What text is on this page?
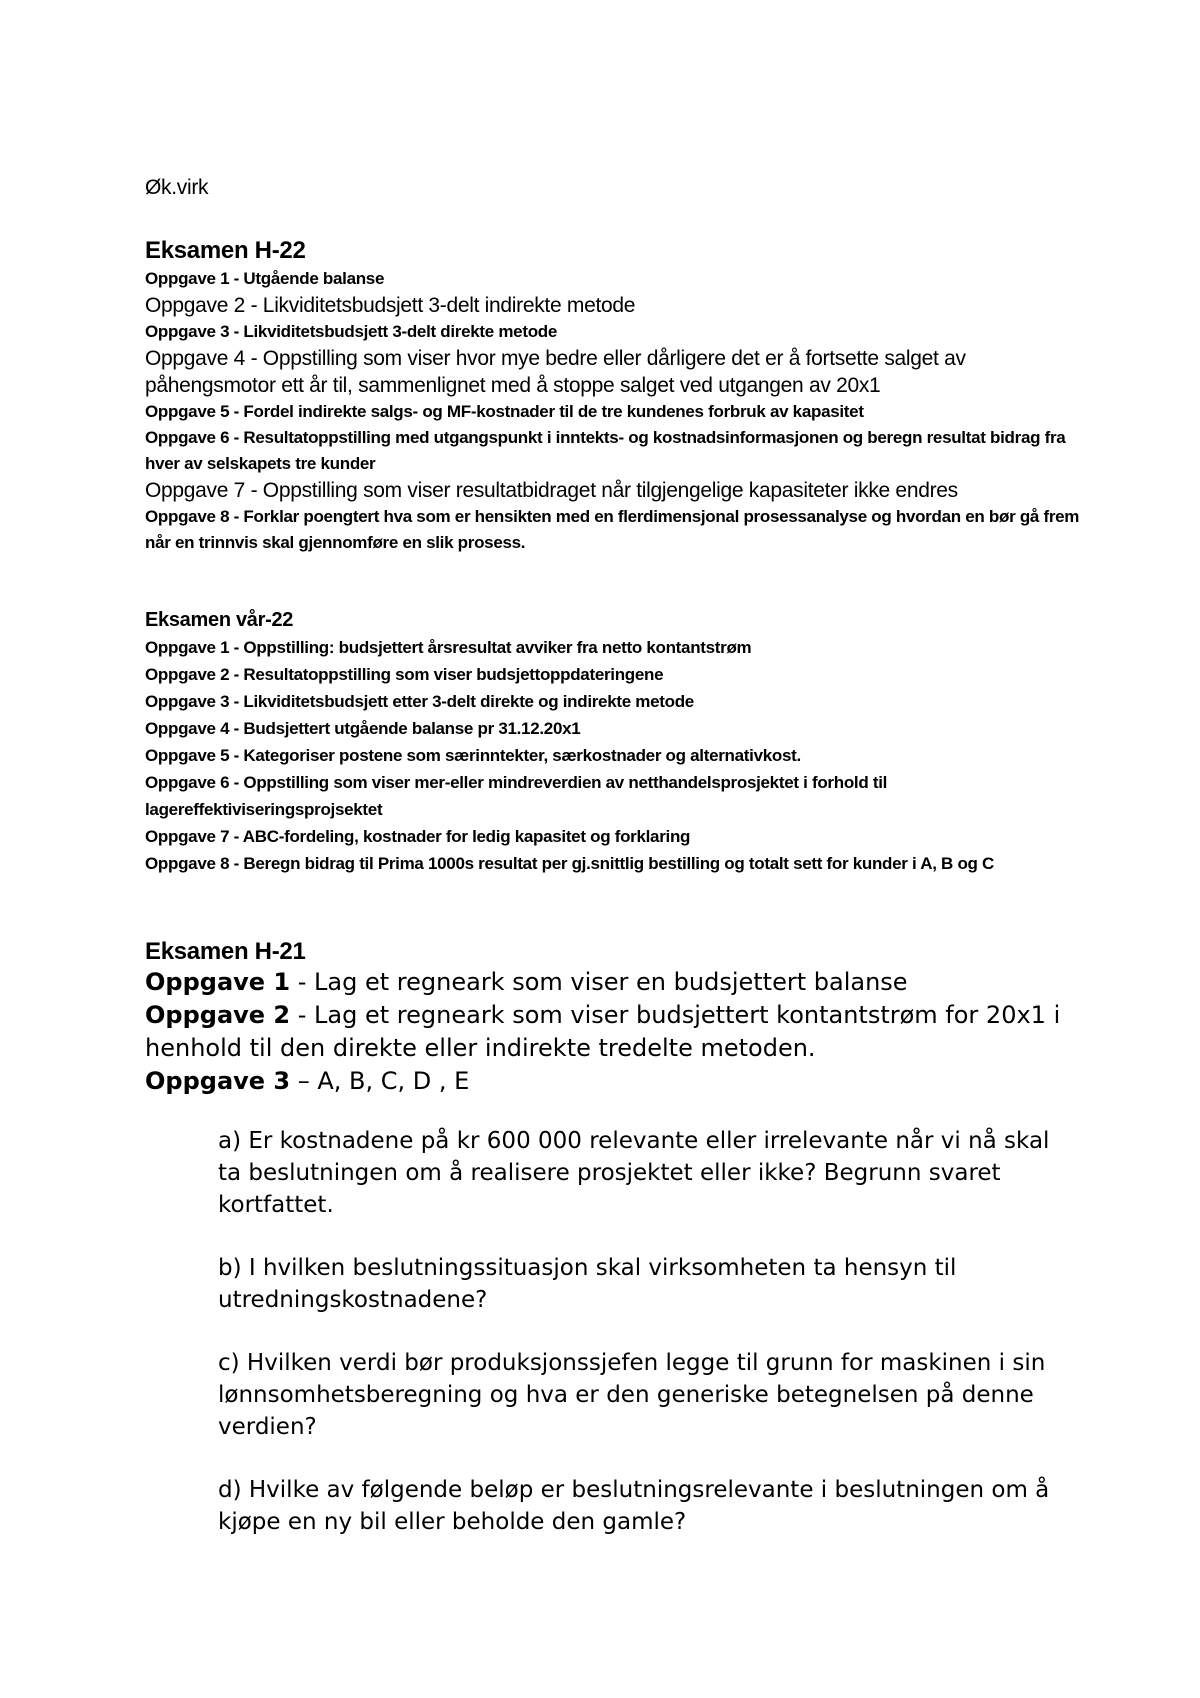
Øk.virk

Eksamen H-22

Oppgave 1 - Utgående balanse

Oppgave 2 - Likviditetsbudsjett 3-delt indirekte metode

Oppgave 3 - Likviditetsbudsjett 3-delt direkte metode

Oppgave 4 - Oppstilling som viser hvor mye bedre eller dårligere det er å fortsette salget av påhengsmotor ett år til, sammenlignet med å stoppe salget ved utgangen av 20x1

Oppgave 5 - Fordel indirekte salgs- og MF-kostnader til de tre kundenes forbruk av kapasitet

Oppgave 6 - Resultatoppstilling med utgangspunkt i inntekts- og kostnadsinformasjonen og beregn resultat bidrag fra hver av selskapets tre kunder

Oppgave 7 - Oppstilling som viser resultatbidraget når tilgjengelige kapasiteter ikke endres

Oppgave 8 - Forklar poengtert hva som er hensikten med en flerdimensjonal prosessanalyse og hvordan en bør gå frem når en trinnvis skal gjennomføre en slik prosess.

Eksamen vår-22

Oppgave 1 - Oppstilling: budsjettert årsresultat avviker fra netto kontantstrøm

Oppgave 2 - Resultatoppstilling som viser budsjettoppdateringene

Oppgave 3 - Likviditetsbudsjett etter 3-delt direkte og indirekte metode

Oppgave 4 - Budsjettert utgående balanse pr 31.12.20x1

Oppgave 5 - Kategoriser postene som særinntekter, særkostnader og alternativkost.

Oppgave 6 - Oppstilling som viser mer-eller mindreverdien av netthandelsprosjektet i forhold til lagereffektiviseringsprojsektet

Oppgave 7 - ABC-fordeling, kostnader for ledig kapasitet og forklaring

Oppgave 8 - Beregn bidrag til Prima 1000s resultat per gj.snittlig bestilling og totalt sett for kunder i A, B og C

Eksamen H-21

Oppgave 1 - Lag et regneark som viser en budsjettert balanse

Oppgave 2 - Lag et regneark som viser budsjettert kontantstrøm for 20x1 i henhold til den direkte eller indirekte tredelte metoden.

Oppgave 3 – A, B, C, D , E

a) Er kostnadene på kr 600 000 relevante eller irrelevante når vi nå skal ta beslutningen om å realisere prosjektet eller ikke? Begrunn svaret kortfattet.

b) I hvilken beslutningssituasjon skal virksomheten ta hensyn til utredningskostnadene?

c) Hvilken verdi bør produksjonssjefen legge til grunn for maskinen i sin lønnsomhetsberegning og hva er den generiske betegnelsen på denne verdien?

d) Hvilke av følgende beløp er beslutningsrelevante i beslutningen om å kjøpe en ny bil eller beholde den gamle?
